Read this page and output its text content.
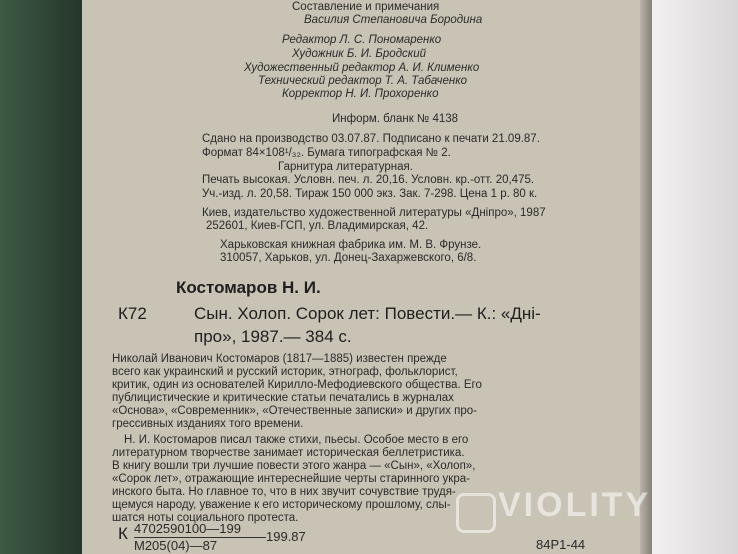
Составление и примечания
Василия Степановича Бородина
Редактор Л. С. Пономаренко
Художник Б. И. Бродский
Художественный редактор А. И. Клименко
Технический редактор Т. А. Табаченко
Корректор Н. И. Прохоренко
Информ. бланк № 4138
Сдано на производство 03.07.87. Подписано к печати 21.09.87.
Формат 84×108¹/₃₂. Бумага типографская № 2.
Гарнитура литературная.
Печать высокая. Условн. печ. л. 20,16. Условн. кр.-отт. 20,475.
Уч.-изд. л. 20,58. Тираж 150 000 экз. Зак. 7-298. Цена 1 р. 80 к.
Киев, издательство художественной литературы «Дніпро», 1987
252601, Киев-ГСП, ул. Владимирская, 42.
Харьковская книжная фабрика им. М. В. Фрунзе.
310057, Харьков, ул. Донец-Захаржевского, 6/8.
Костомаров Н. И.
К72	Сын. Холоп. Сорок лет: Повести.— К.: «Дні-
про», 1987.— 384 с.
Николай Иванович Костомаров (1817—1885) известен прежде
всего как украинский и русский историк, этнограф, фольклорист,
критик, один из основателей Кирилло-Мефодиевского общества. Его
публицистические и критические статьи печатались в журналах
«Основа», «Современник», «Отечественные записки» и других про-
грессивных изданиях того времени.
Н. И. Костомаров писал также стихи, пьесы. Особое место в его
литературном творчестве занимает историческая беллетристика.
В книгу вошли три лучшие повести этого жанра — «Сын», «Холоп»,
«Сорок лет», отражающие интереснейшие черты старинного укра-
инского быта. Но главное то, что в них звучит сочувствие трудя-
щемуся народу, уважение к его историческому прошлому, слы-
шатся ноты социального протеста.
К 4702590100—199
М205(04)—87
199.87
84Р1-44
VIOLITY
